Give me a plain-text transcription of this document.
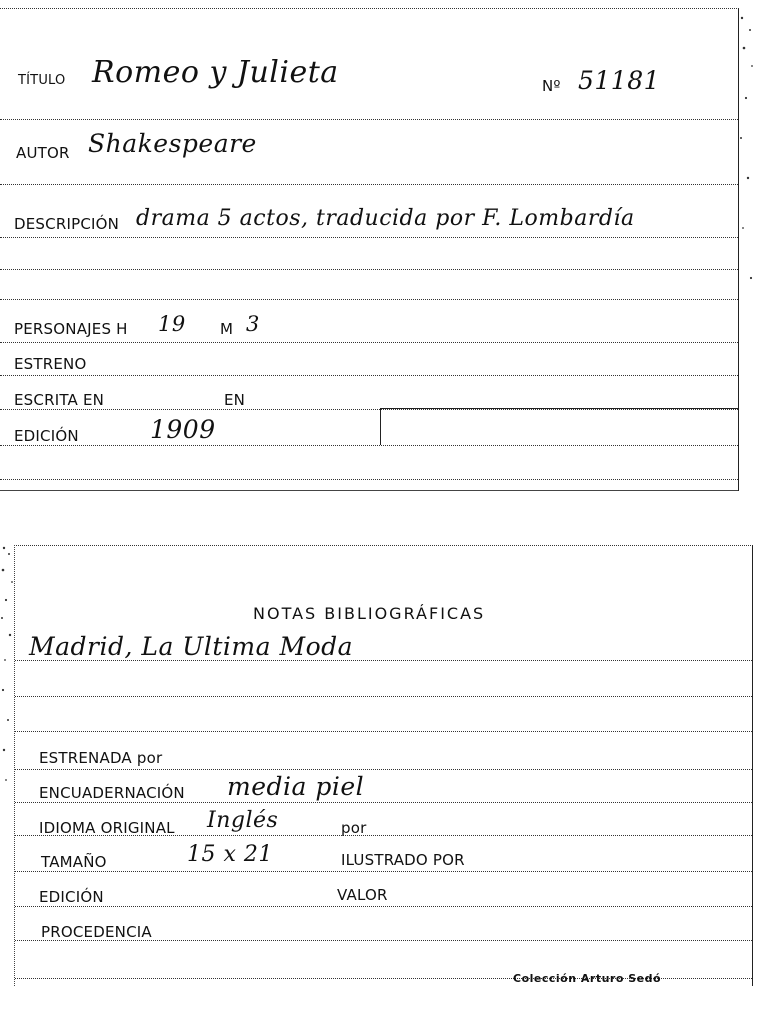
TÍTULO Romeo y Julieta	Nº 51181
AUTOR Shakespeare
DESCRIPCIÓN drama 5 actos, traducida por F. Lombardía
PERSONAJES H 19 M 3
ESTRENO
ESCRITA EN	EN
EDICIÓN	1909
NOTAS BIBLIOGRÁFICAS
Madrid, La Ultima Moda
ESTRENADA por
ENCUADERNACIÓN media piel
IDIOMA ORIGINAL Inglés	por
TAMAÑO	15 x 21	ILUSTRADO POR
EDICIÓN	VALOR
PROCEDENCIA
Colección Arturo Sedó
